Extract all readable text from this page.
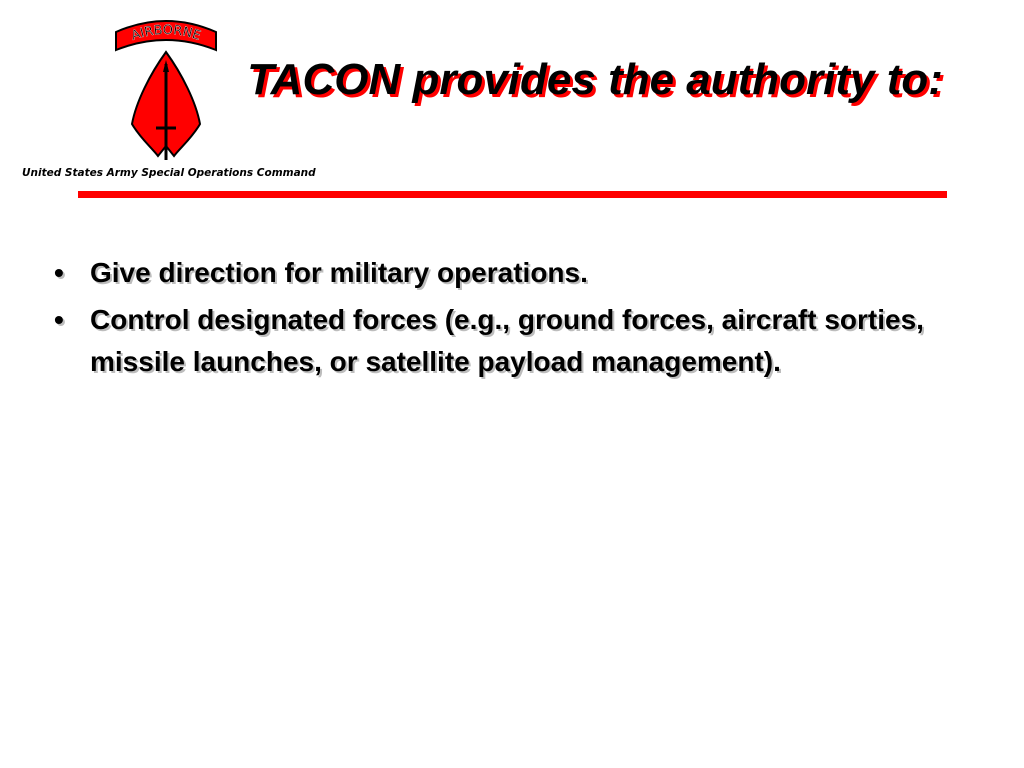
AIRBORNE
United States Army Special Operations Command
TACON provides the authority to:
• Give direction for military operations.
• Control designated forces (e.g., ground forces, aircraft sorties, missile launches, or satellite payload management).
